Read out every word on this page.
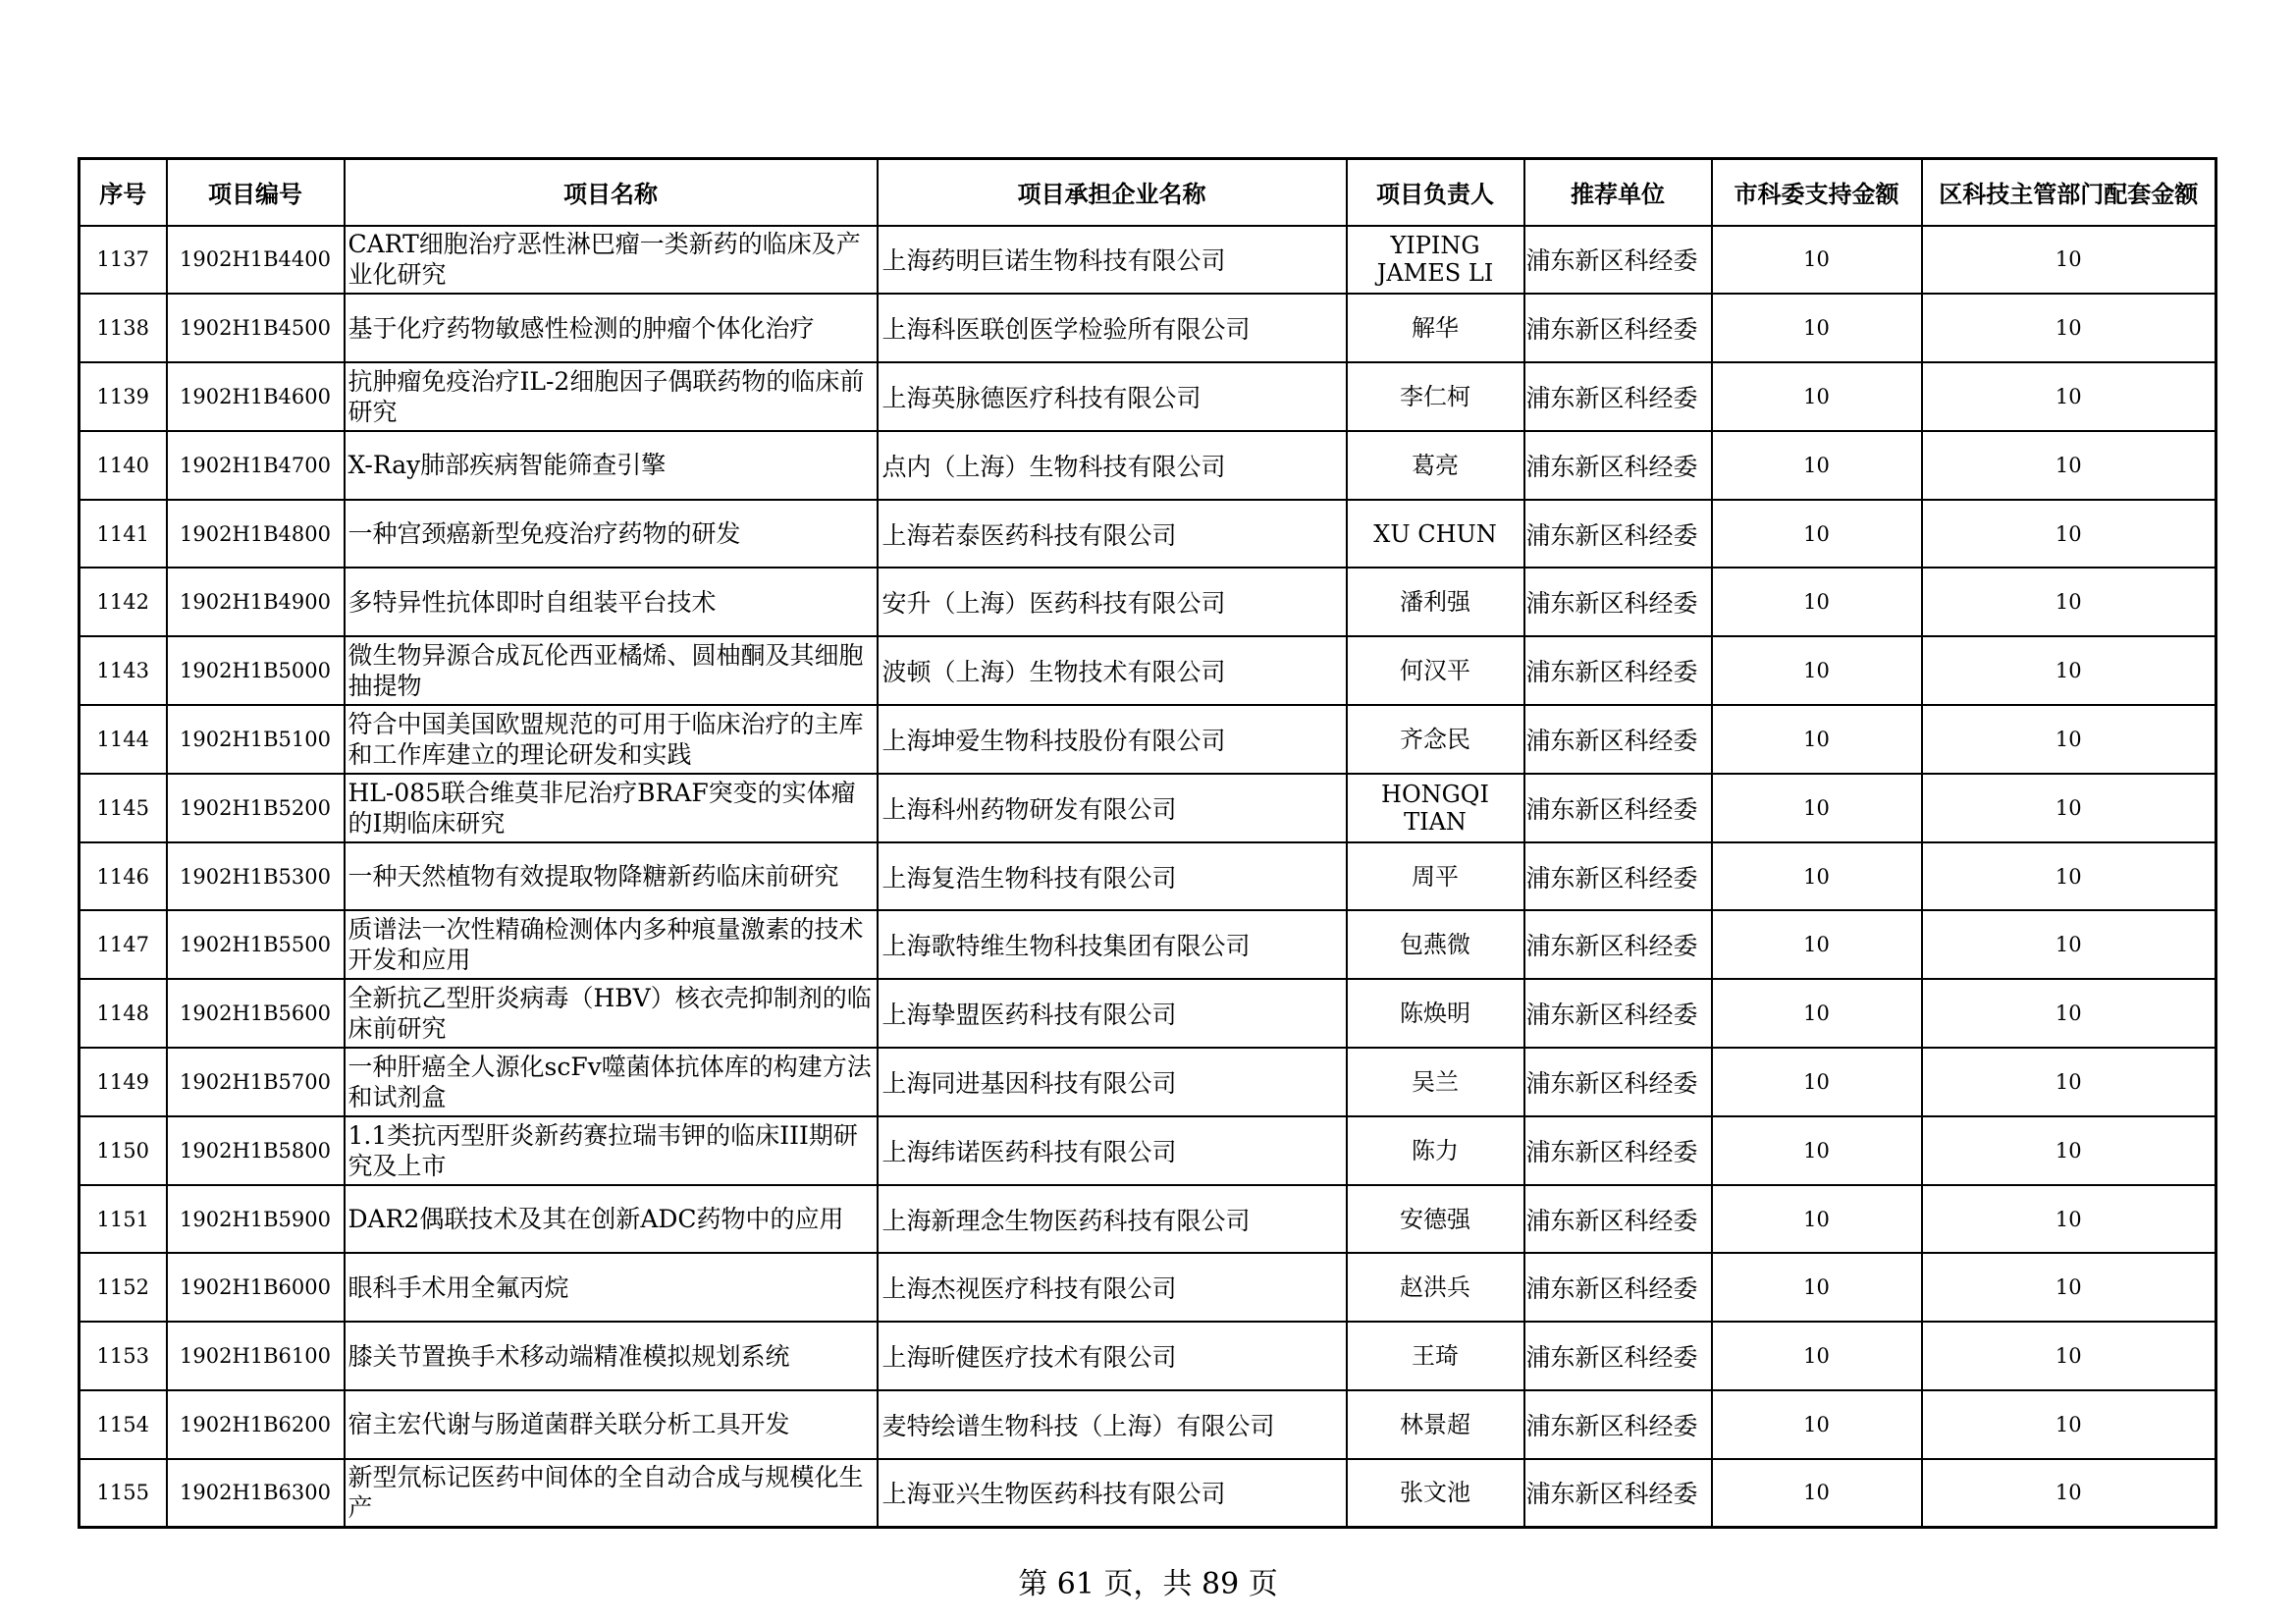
序号	项目编号	项目名称	项目承担企业名称	项目负责人	推荐单位	市科委支持金额	区科技主管部门配套金额
1137	1902H1B4400	CART细胞治疗恶性淋巴瘤一类新药的临床及产业化研究	上海药明巨诺生物科技有限公司	YIPING JAMES LI	浦东新区科经委	10	10
1138	1902H1B4500	基于化疗药物敏感性检测的肿瘤个体化治疗	上海科医联创医学检验所有限公司	解华	浦东新区科经委	10	10
1139	1902H1B4600	抗肿瘤免疫治疗IL-2细胞因子偶联药物的临床前研究	上海英脉德医疗科技有限公司	李仁柯	浦东新区科经委	10	10
1140	1902H1B4700	X-Ray肺部疾病智能筛查引擎	点内（上海）生物科技有限公司	葛亮	浦东新区科经委	10	10
1141	1902H1B4800	一种宫颈癌新型免疫治疗药物的研发	上海若泰医药科技有限公司	XU CHUN	浦东新区科经委	10	10
1142	1902H1B4900	多特异性抗体即时自组装平台技术	安升（上海）医药科技有限公司	潘利强	浦东新区科经委	10	10
1143	1902H1B5000	微生物异源合成瓦伦西亚橘烯、圆柚酮及其细胞抽提物	波顿（上海）生物技术有限公司	何汉平	浦东新区科经委	10	10
1144	1902H1B5100	符合中国美国欧盟规范的可用于临床治疗的主库和工作库建立的理论研发和实践	上海坤爱生物科技股份有限公司	齐念民	浦东新区科经委	10	10
1145	1902H1B5200	HL-085联合维莫非尼治疗BRAF突变的实体瘤的I期临床研究	上海科州药物研发有限公司	HONGQI TIAN	浦东新区科经委	10	10
1146	1902H1B5300	一种天然植物有效提取物降糖新药临床前研究	上海复浩生物科技有限公司	周平	浦东新区科经委	10	10
1147	1902H1B5500	质谱法一次性精确检测体内多种痕量激素的技术开发和应用	上海歌特维生物科技集团有限公司	包燕微	浦东新区科经委	10	10
1148	1902H1B5600	全新抗乙型肝炎病毒（HBV）核衣壳抑制剂的临床前研究	上海挚盟医药科技有限公司	陈焕明	浦东新区科经委	10	10
1149	1902H1B5700	一种肝癌全人源化scFv噬菌体抗体库的构建方法和试剂盒	上海同进基因科技有限公司	吴兰	浦东新区科经委	10	10
1150	1902H1B5800	1.1类抗丙型肝炎新药赛拉瑞韦钾的临床III期研究及上市	上海纬诺医药科技有限公司	陈力	浦东新区科经委	10	10
1151	1902H1B5900	DAR2偶联技术及其在创新ADC药物中的应用	上海新理念生物医药科技有限公司	安德强	浦东新区科经委	10	10
1152	1902H1B6000	眼科手术用全氟丙烷	上海杰视医疗科技有限公司	赵洪兵	浦东新区科经委	10	10
1153	1902H1B6100	膝关节置换手术移动端精准模拟规划系统	上海昕健医疗技术有限公司	王琦	浦东新区科经委	10	10
1154	1902H1B6200	宿主宏代谢与肠道菌群关联分析工具开发	麦特绘谱生物科技（上海）有限公司	林景超	浦东新区科经委	10	10
1155	1902H1B6300	新型氘标记医药中间体的全自动合成与规模化生产	上海亚兴生物医药科技有限公司	张文池	浦东新区科经委	10	10
第 61 页，共 89 页
